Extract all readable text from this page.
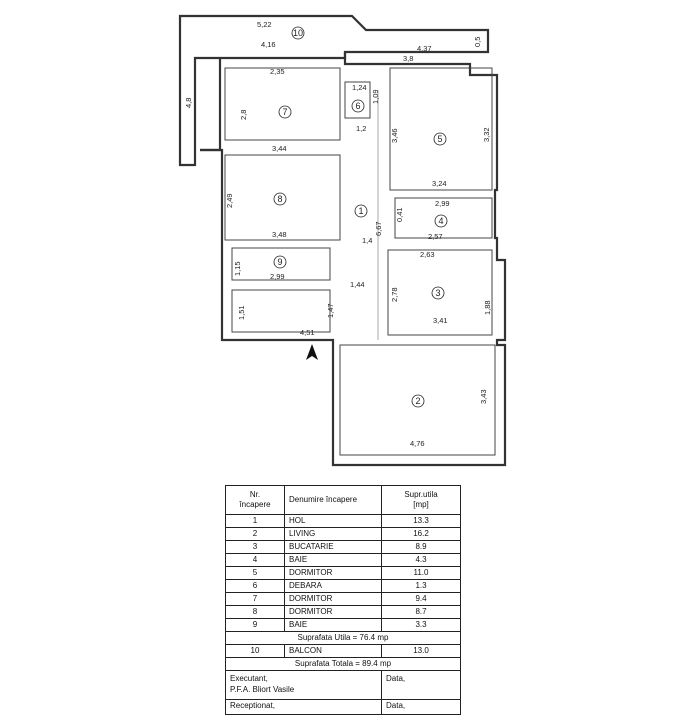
5,22
4,16	4,37
0,5
3,8
4,8
2,35
2,8
1,24
1,09
1,2	3,46	3,32
3,44
3,24
2,49	2,99
0,41
6,67
3,48
1,4	2,57
2,63
1,15
2,99
1,44
2,78
1,88
3,41
1,51	1,47
4,51
3,43
4,76
1
2
3
4
5
6
7
8
9
10
Nr.
încapere	Denumire încapere	Supr.utila
[mp]
1	HOL	13.3
2	LIVING	16.2
3	BUCATARIE	8.9
4	BAIE	4.3
5	DORMITOR	11.0
6	DEBARA	1.3
7	DORMITOR	9.4
8	DORMITOR	8.7
9	BAIE	3.3
Suprafata Utila = 76.4 mp		
10	BALCON	13.0
Suprafata Totala = 89.4 mp		
Executant,
P.F.A. Bliort Vasile		Data,
Receptionat,		Data,
